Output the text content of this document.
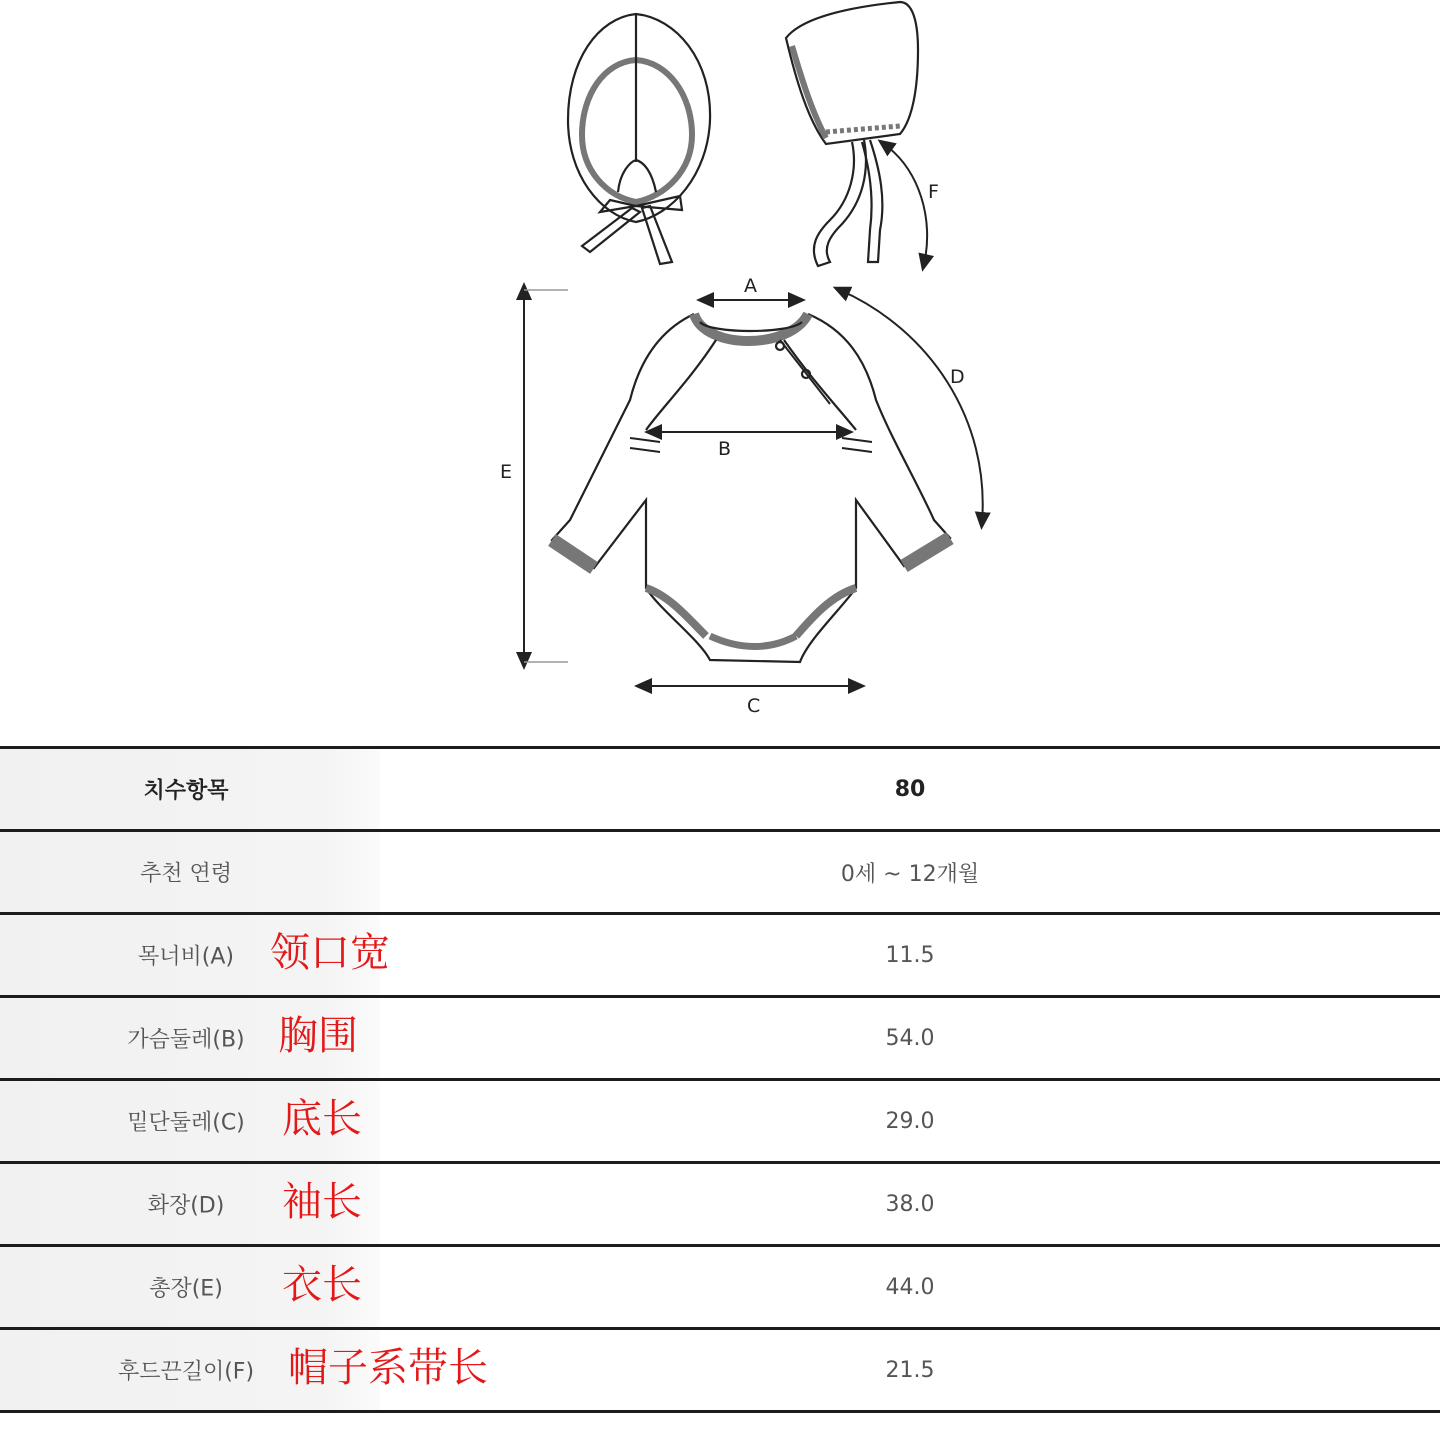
F
A
B
C
D
E
치수항목	80

추천 연령	0세 ~ 12개월

목너비(A) 领口宽	11.5

가슴둘레(B) 胸围	54.0

밑단둘레(C) 底长	29.0

화장(D) 袖长	38.0

총장(E) 衣长	44.0

후드끈길이(F) 帽子系带长	21.5
